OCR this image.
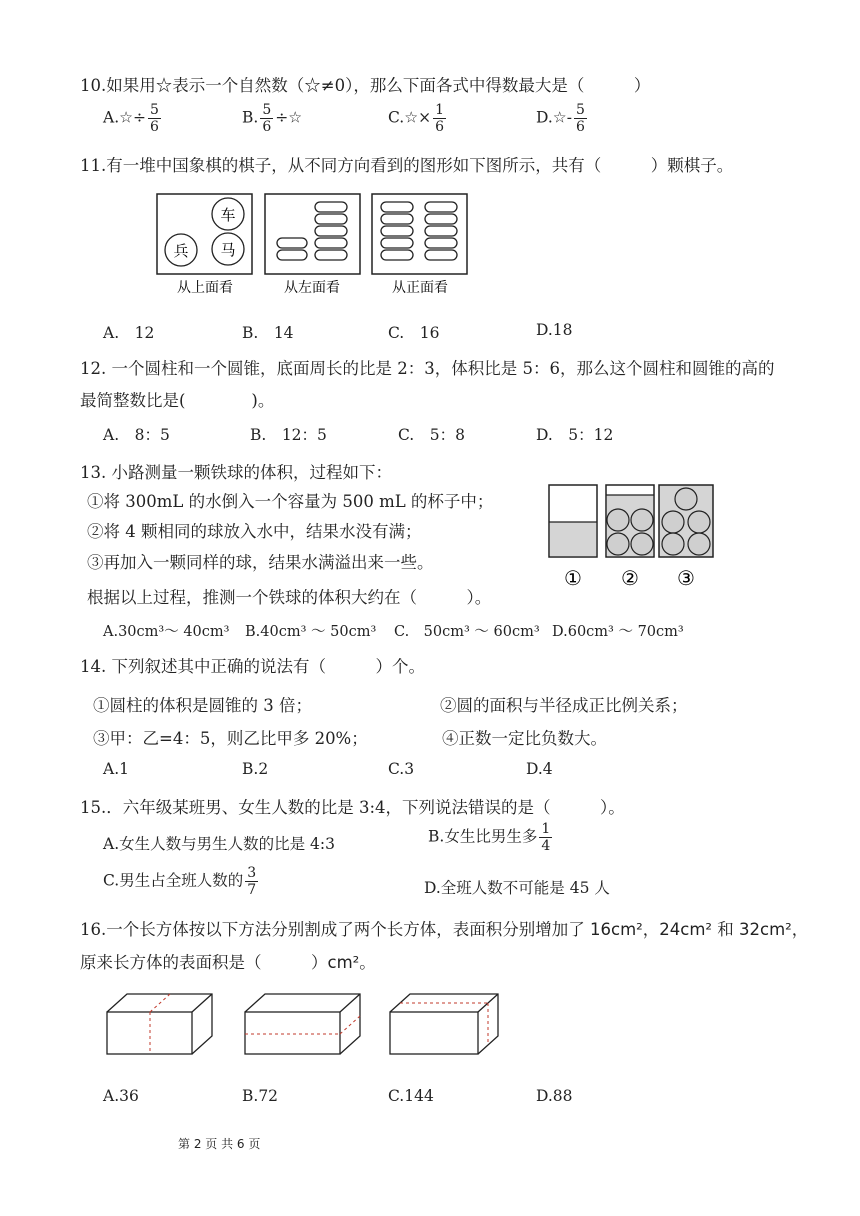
10.如果用☆表示一个自然数（☆≠0），那么下面各式中得数最大是（　　　）
A.☆÷ $\frac{5}{6}$	B. $\frac{5}{6}$ ÷☆	C.☆× $\frac{1}{6}$	D.☆- $\frac{5}{6}$
11.有一堆中国象棋的棋子，从不同方向看到的图形如下图所示，共有（　　　）颗棋子。
车
兵 马
从上面看	从左面看	从正面看
A.　12	B.　14	C.　16	D.18
12. 一个圆柱和一个圆锥，底面周长的比是 2：3，体积比是 5：6，那么这个圆柱和圆锥的高的
最简整数比是(　　　　)。
A.　8：5	B.　12：5	C.　5：8	D.　5：12
13. 小路测量一颗铁球的体积，过程如下：
①将 300mL 的水倒入一个容量为 500 mL 的杯子中；
②将 4 颗相同的球放入水中，结果水没有满；
③再加入一颗同样的球，结果水满溢出来一些。
根据以上过程，推测一个铁球的体积大约在（　　　）。
① ② ③
A.30cm³～ 40cm³ B.40cm³ ～ 50cm³ C.　50cm³ ～ 60cm³ D.60cm³ ～ 70cm³
14. 下列叙述其中正确的说法有（　　　）个。
①圆柱的体积是圆锥的 3 倍；	②圆的面积与半径成正比例关系；
③甲：乙=4：5，则乙比甲多 20%；	④正数一定比负数大。
A.1	B.2	C.3	D.4
15.．六年级某班男、女生人数的比是 3:4，下列说法错误的是（　　　）。
A.女生人数与男生人数的比是 4:3	B.女生比男生多 $\frac{1}{4}$
C.男生占全班人数的 $\frac{3}{7}$	D.全班人数不可能是 45 人
16.一个长方体按以下方法分别割成了两个长方体，表面积分别增加了 16cm²，24cm² 和 32cm²，
原来长方体的表面积是（　　　）cm²。
A.36	B.72	C.144	D.88
第 2 页 共 6 页
